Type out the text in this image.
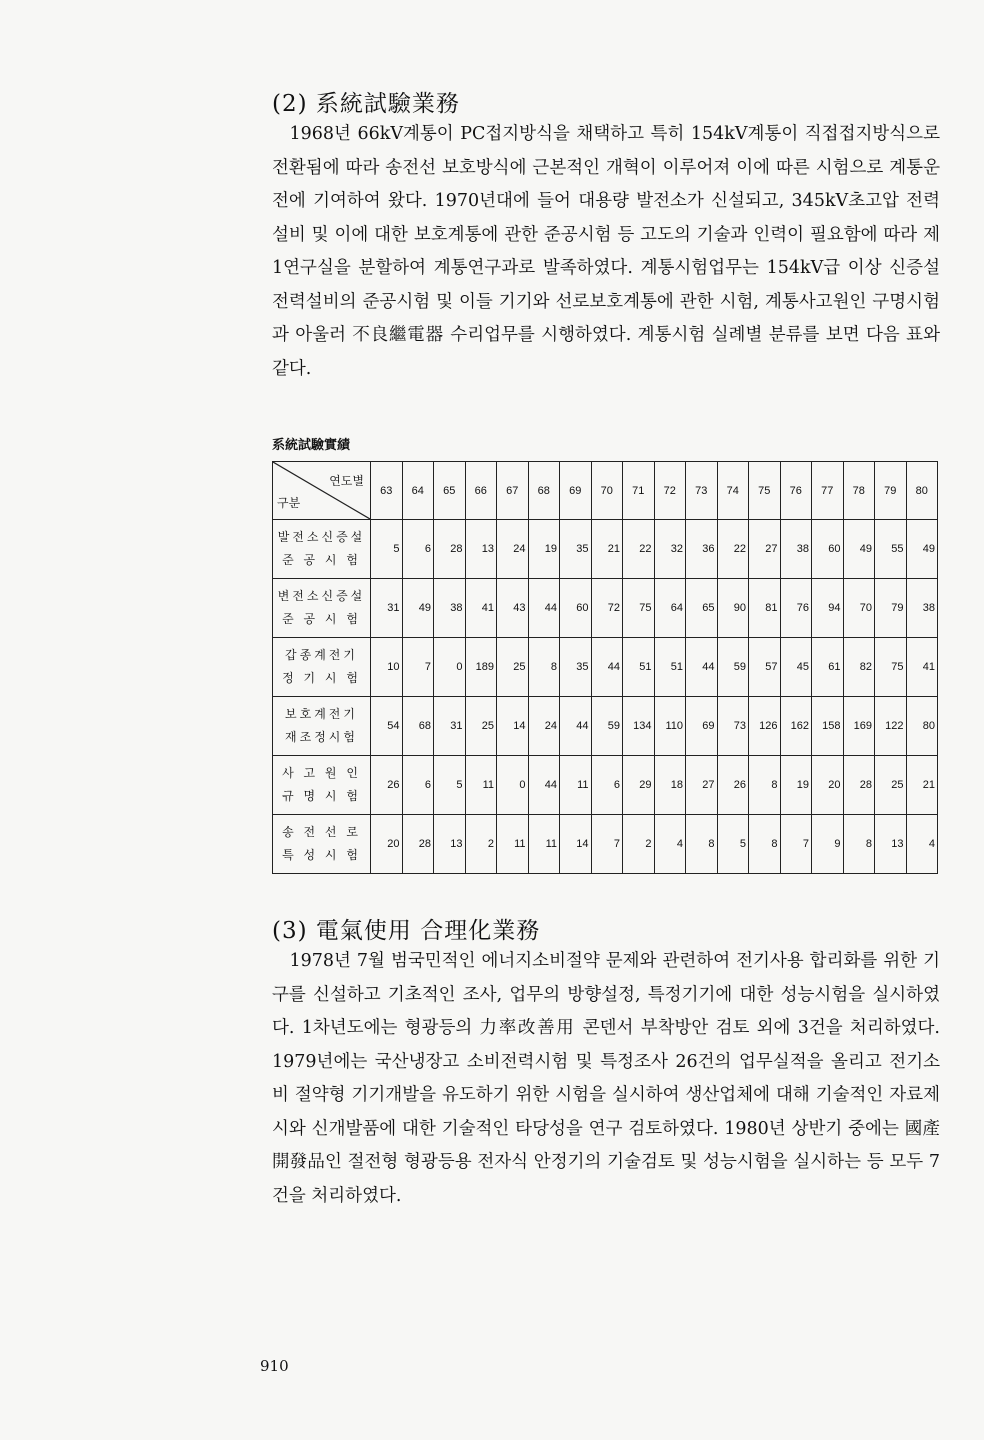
(2) 系統試驗業務

1968년 66kV계통이 PC접지방식을 채택하고 특히 154kV계통이 직접접지방식으로 전환됨에 따라 송전선 보호방식에 근본적인 개혁이 이루어져 이에 따른 시험으로 계통운전에 기여하여 왔다. 1970년대에 들어 대용량 발전소가 신설되고, 345kV초고압 전력설비 및 이에 대한 보호계통에 관한 준공시험 등 고도의 기술과 인력이 필요함에 따라 제1연구실을 분할하여 계통연구과로 발족하였다. 계통시험업무는 154kV급 이상 신증설 전력설비의 준공시험 및 이들 기기와 선로보호계통에 관한 시험, 계통사고원인 구명시험과 아울러 不良繼電器 수리업무를 시행하였다. 계통시험 실례별 분류를 보면 다음 표와 같다.

系統試驗實績

연도별
구분	63	64	65	66	67	68	69	70	71	72	73	74	75	76	77	78	79	80

발전소신증설
준 공 시 험	5	6	28	13	24	19	35	21	22	32	36	22	27	38	60	49	55	49

변전소신증설
준 공 시 험	31	49	38	41	43	44	60	72	75	64	65	90	81	76	94	70	79	38

갑종계전기
정 기 시 험	10	7	0	189	25	8	35	44	51	51	44	59	57	45	61	82	75	41

보호계전기
재조정시험	54	68	31	25	14	24	44	59	134	110	69	73	126	162	158	169	122	80

사 고 원 인
규 명 시 험	26	6	5	11	0	44	11	6	29	18	27	26	8	19	20	28	25	21

송 전 선 로
특 성 시 험	20	28	13	2	11	11	14	7	2	4	8	5	8	7	9	8	13	4
(3) 電氣使用 合理化業務

1978년 7월 범국민적인 에너지소비절약 문제와 관련하여 전기사용 합리화를 위한 기구를 신설하고 기초적인 조사, 업무의 방향설정, 특정기기에 대한 성능시험을 실시하였다. 1차년도에는 형광등의 力率改善用 콘덴서 부착방안 검토 외에 3건을 처리하였다. 1979년에는 국산냉장고 소비전력시험 및 특정조사 26건의 업무실적을 올리고 전기소비 절약형 기기개발을 유도하기 위한 시험을 실시하여 생산업체에 대해 기술적인 자료제시와 신개발품에 대한 기술적인 타당성을 연구 검토하였다. 1980년 상반기 중에는 國產開發品인 절전형 형광등용 전자식 안정기의 기술검토 및 성능시험을 실시하는 등 모두 7건을 처리하였다.

910
